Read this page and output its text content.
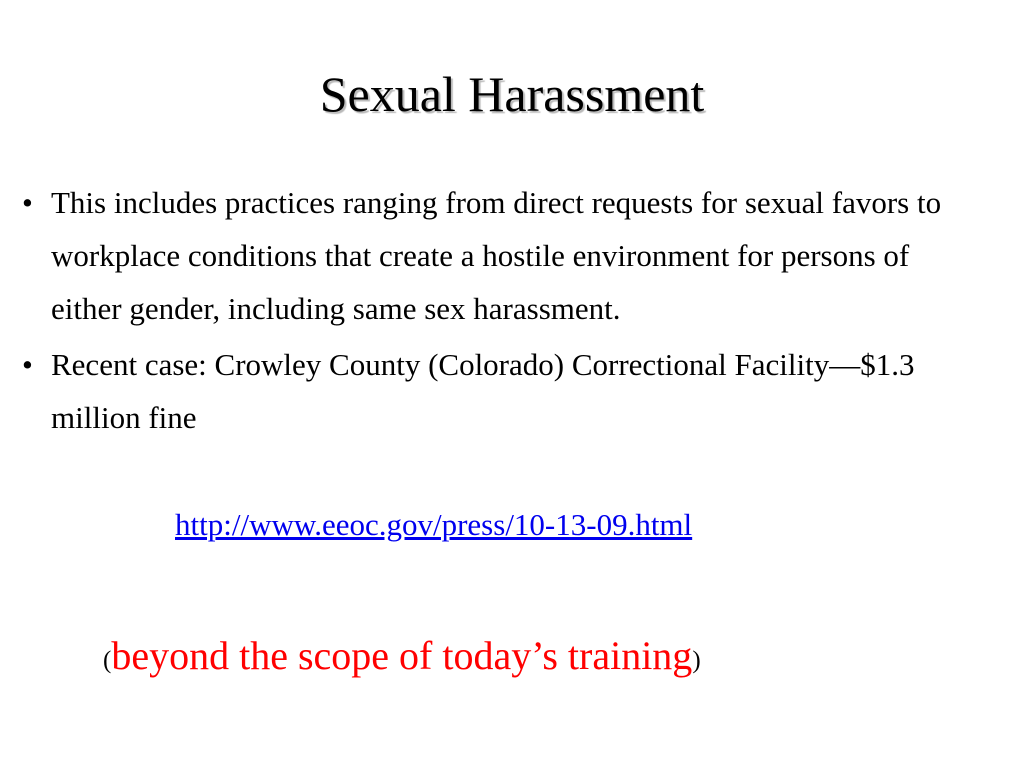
Sexual Harassment
• This includes practices ranging from direct requests for sexual favors to workplace conditions that create a hostile environment for persons of either gender, including same sex harassment.
• Recent case: Crowley County (Colorado) Correctional Facility—$1.3 million fine
http://www.eeoc.gov/press/10-13-09.html
(beyond the scope of today’s training)
